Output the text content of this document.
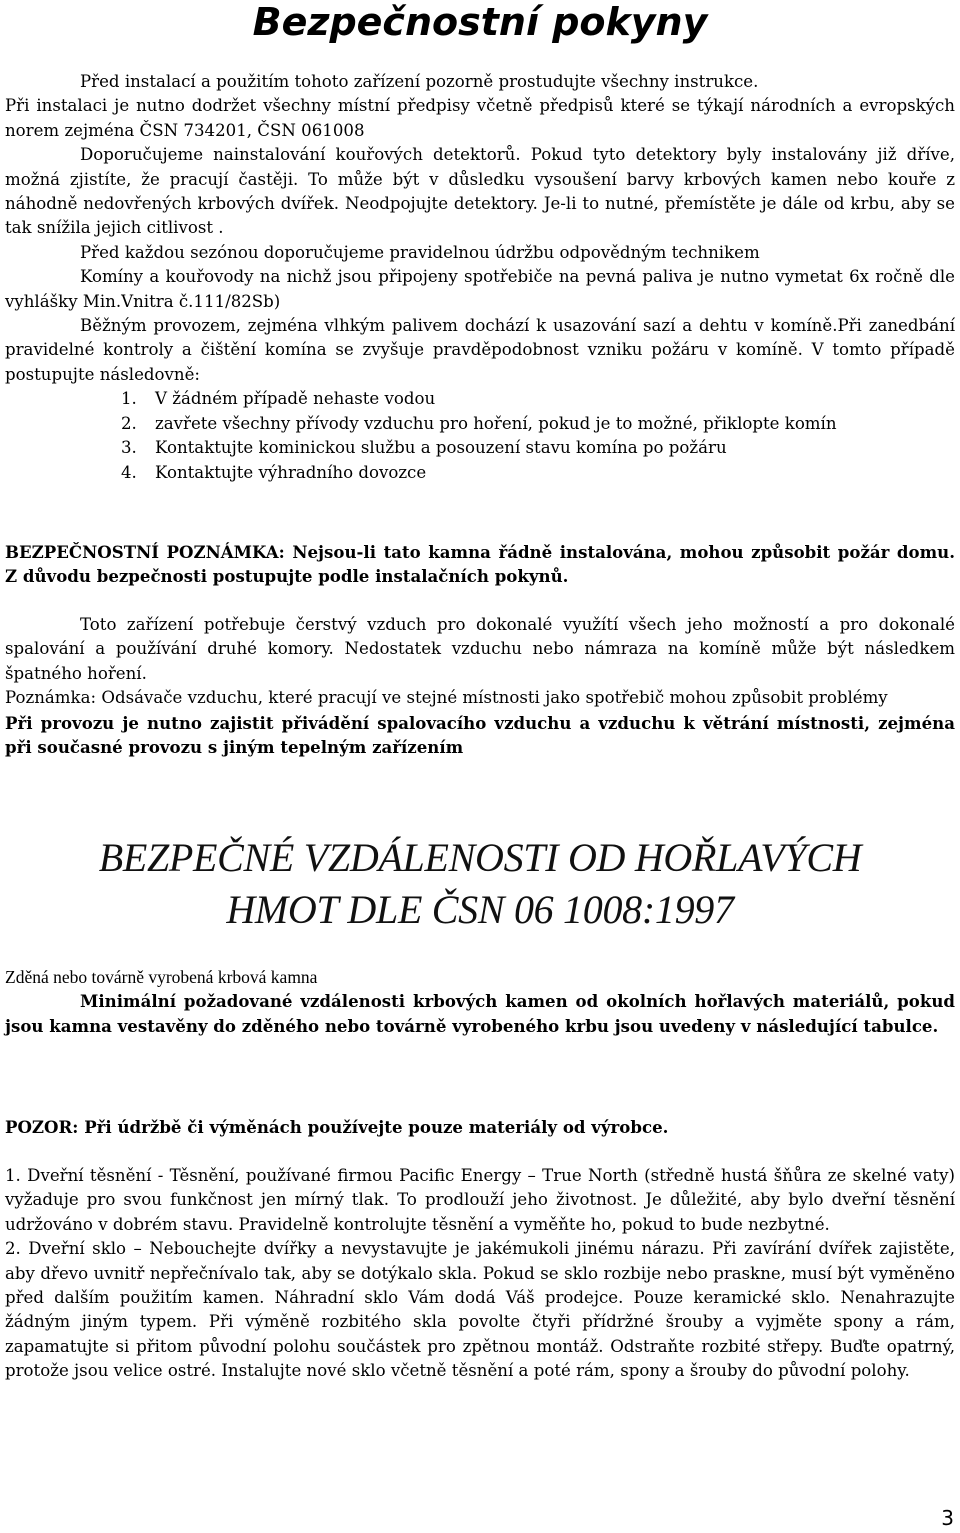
Bezpečnostní pokyny

Před instalací a použitím tohoto zařízení pozorně prostudujte všechny instrukce.

Při instalaci je nutno dodržet všechny místní předpisy včetně předpisů které se týkají národních a evropských norem zejména ČSN 734201, ČSN 061008

Doporučujeme nainstalování kouřových detektorů. Pokud tyto detektory byly instalovány již dříve, možná zjistíte, že pracují častěji. To může být v důsledku vysoušení barvy krbových kamen nebo kouře z náhodně nedovřených krbových dvířek. Neodpojujte detektory. Je-li to nutné, přemístěte je dále od krbu, aby se tak snížila jejich citlivost .

Před každou sezónou doporučujeme pravidelnou údržbu odpovědným technikem

Komíny a kouřovody na nichž jsou připojeny spotřebiče na pevná paliva je nutno vymetat 6x ročně dle vyhlášky Min.Vnitra č.111/82Sb)

Běžným provozem, zejména vlhkým palivem dochází k usazování sazí a dehtu v komíně.Při zanedbání pravidelné kontroly a čištění komína se zvyšuje pravděpodobnost vzniku požáru v komíně. V tomto případě postupujte následovně:

1. V žádném případě nehaste vodou
2. zavřete všechny přívody vzduchu pro hoření, pokud je to možné, přiklopte komín
3. Kontaktujte kominickou službu a posouzení stavu komína po požáru
4. Kontaktujte výhradního dovozce
BEZPEČNOSTNÍ POZNÁMKA: Nejsou-li tato kamna řádně instalována, mohou způsobit požár domu. Z důvodu bezpečnosti postupujte podle instalačních pokynů.

Toto zařízení potřebuje čerstvý vzduch pro dokonalé využítí všech jeho možností a pro dokonalé spalování a používání druhé komory. Nedostatek vzduchu nebo námraza na komíně může být následkem špatného hoření.

Poznámka: Odsávače vzduchu, které pracují ve stejné místnosti jako spotřebič mohou způsobit problémy

Při provozu je nutno zajistit přivádění spalovacího vzduchu a vzduchu k větrání místnosti, zejména při současné provozu s jiným tepelným zařízením

BEZPEČNÉ VZDÁLENOSTI OD HOŘLAVÝCH
HMOT DLE ČSN 06 1008:1997

Zděná nebo továrně vyrobená krbová kamna

Minimální požadované vzdálenosti krbových kamen od okolních hořlavých materiálů, pokud jsou kamna vestavěny do zděného nebo továrně vyrobeného krbu jsou uvedeny v následující tabulce.

POZOR: Při údržbě či výměnách používejte pouze materiály od výrobce.

1. Dveřní těsnění - Těsnění, používané firmou Pacific Energy – True North (středně hustá šňůra ze skelné vaty) vyžaduje pro svou funkčnost jen mírný tlak. To prodlouží jeho životnost. Je důležité, aby bylo dveřní těsnění udržováno v dobrém stavu. Pravidelně kontrolujte těsnění a vyměňte ho, pokud to bude nezbytné.

2. Dveřní sklo – Nebouchejte dvířky a nevystavujte je jakémukoli jinému nárazu. Při zavírání dvířek zajistěte, aby dřevo uvnitř nepřečnívalo tak, aby se dotýkalo skla. Pokud se sklo rozbije nebo praskne, musí být vyměněno před dalším použitím kamen. Náhradní sklo Vám dodá Váš prodejce. Pouze keramické sklo. Nenahrazujte žádným jiným typem. Při výměně rozbitého skla povolte čtyři přídržné šrouby a vyjměte spony a rám, zapamatujte si přitom původní polohu součástek pro zpětnou montáž. Odstraňte rozbité střepy. Buďte opatrný, protože jsou velice ostré. Instalujte nové sklo včetně těsnění a poté rám, spony a šrouby do původní polohy.

3
